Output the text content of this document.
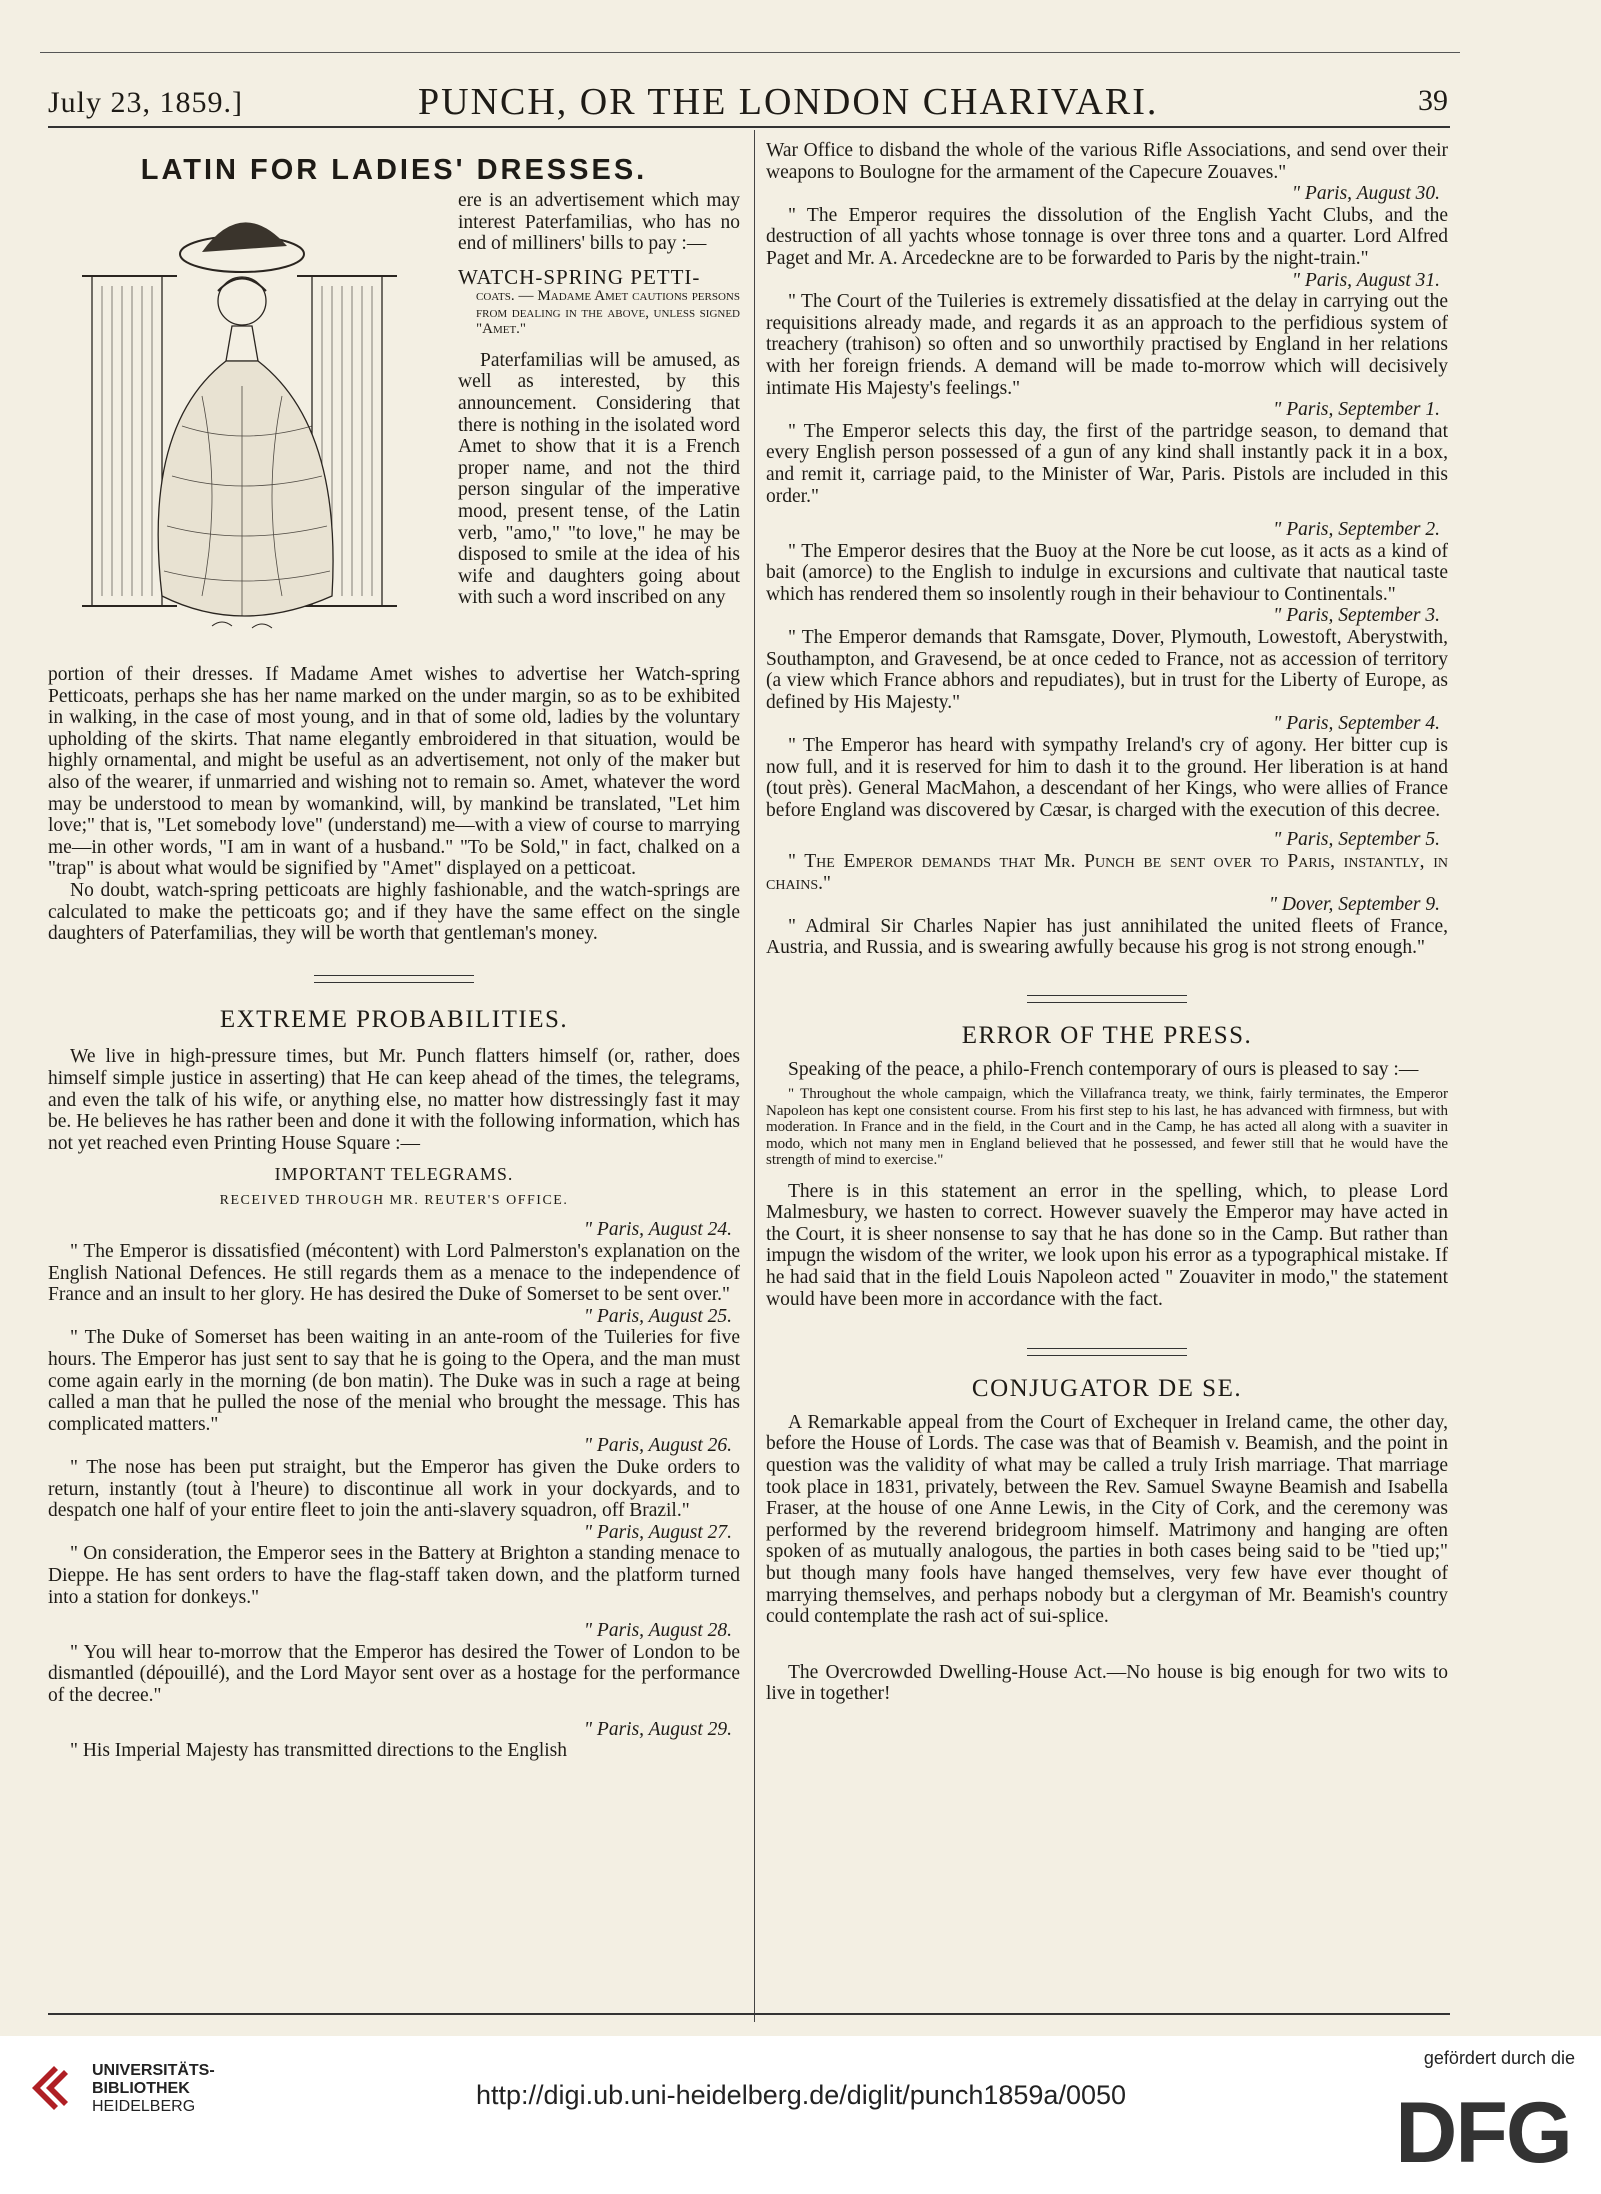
July 23, 1859.]	PUNCH, OR THE LONDON CHARIVARI.	39
LATIN FOR LADIES' DRESSES.

ere is an advertisement which may interest Paterfamilias, who has no end of milliners' bills to pay :—

WATCH-SPRING PETTI-

coats. — Madame Amet cautions persons from dealing in the above, unless signed "Amet."

Paterfamilias will be amused, as well as interested, by this announcement. Considering that there is nothing in the isolated word Amet to show that it is a French proper name, and not the third person singular of the imperative mood, present tense, of the Latin verb, "amo," "to love," he may be disposed to smile at the idea of his wife and daughters going about with such a word inscribed on any

portion of their dresses. If Madame Amet wishes to advertise her Watch-spring Petticoats, perhaps she has her name marked on the under margin, so as to be exhibited in walking, in the case of most young, and in that of some old, ladies by the voluntary upholding of the skirts. That name elegantly embroidered in that situation, would be highly ornamental, and might be useful as an advertisement, not only of the maker but also of the wearer, if unmarried and wishing not to remain so. Amet, whatever the word may be understood to mean by womankind, will, by mankind be translated, "Let him love;" that is, "Let somebody love" (understand) me—with a view of course to marrying me—in other words, "I am in want of a husband." "To be Sold," in fact, chalked on a "trap" is about what would be signified by "Amet" displayed on a petticoat.

No doubt, watch-spring petticoats are highly fashionable, and the watch-springs are calculated to make the petticoats go; and if they have the same effect on the single daughters of Paterfamilias, they will be worth that gentleman's money.

EXTREME PROBABILITIES.

We live in high-pressure times, but Mr. Punch flatters himself (or, rather, does himself simple justice in asserting) that He can keep ahead of the times, the telegrams, and even the talk of his wife, or anything else, no matter how distressingly fast it may be. He believes he has rather been and done it with the following information, which has not yet reached even Printing House Square :—

IMPORTANT TELEGRAMS.
RECEIVED THROUGH MR. REUTER'S OFFICE.

" Paris, August 24.

" The Emperor is dissatisfied (mécontent) with Lord Palmerston's explanation on the English National Defences. He still regards them as a menace to the independence of France and an insult to her glory. He has desired the Duke of Somerset to be sent over."

" Paris, August 25.

" The Duke of Somerset has been waiting in an ante-room of the Tuileries for five hours. The Emperor has just sent to say that he is going to the Opera, and the man must come again early in the morning (de bon matin). The Duke was in such a rage at being called a man that he pulled the nose of the menial who brought the message. This has complicated matters."

" Paris, August 26.

" The nose has been put straight, but the Emperor has given the Duke orders to return, instantly (tout à l'heure) to discontinue all work in your dockyards, and to despatch one half of your entire fleet to join the anti-slavery squadron, off Brazil."

" Paris, August 27.

" On consideration, the Emperor sees in the Battery at Brighton a standing menace to Dieppe. He has sent orders to have the flag-staff taken down, and the platform turned into a station for donkeys."

" Paris, August 28.

" You will hear to-morrow that the Emperor has desired the Tower of London to be dismantled (dépouillé), and the Lord Mayor sent over as a hostage for the performance of the decree."

" Paris, August 29.

" His Imperial Majesty has transmitted directions to the English

War Office to disband the whole of the various Rifle Associations, and send over their weapons to Boulogne for the armament of the Capecure Zouaves."

" Paris, August 30.

" The Emperor requires the dissolution of the English Yacht Clubs, and the destruction of all yachts whose tonnage is over three tons and a quarter. Lord Alfred Paget and Mr. A. Arcedeckne are to be forwarded to Paris by the night-train."

" Paris, August 31.

" The Court of the Tuileries is extremely dissatisfied at the delay in carrying out the requisitions already made, and regards it as an approach to the perfidious system of treachery (trahison) so often and so unworthily practised by England in her relations with her foreign friends. A demand will be made to-morrow which will decisively intimate His Majesty's feelings."

" Paris, September 1.

" The Emperor selects this day, the first of the partridge season, to demand that every English person possessed of a gun of any kind shall instantly pack it in a box, and remit it, carriage paid, to the Minister of War, Paris. Pistols are included in this order."

" Paris, September 2.

" The Emperor desires that the Buoy at the Nore be cut loose, as it acts as a kind of bait (amorce) to the English to indulge in excursions and cultivate that nautical taste which has rendered them so insolently rough in their behaviour to Continentals."

" Paris, September 3.

" The Emperor demands that Ramsgate, Dover, Plymouth, Lowestoft, Aberystwith, Southampton, and Gravesend, be at once ceded to France, not as accession of territory (a view which France abhors and repudiates), but in trust for the Liberty of Europe, as defined by His Majesty."

" Paris, September 4.

" The Emperor has heard with sympathy Ireland's cry of agony. Her bitter cup is now full, and it is reserved for him to dash it to the ground. Her liberation is at hand (tout près). General MacMahon, a descendant of her Kings, who were allies of France before England was discovered by Cæsar, is charged with the execution of this decree.

" Paris, September 5.

" The Emperor demands that Mr. Punch be sent over to Paris, instantly, in chains."

" Dover, September 9.

" Admiral Sir Charles Napier has just annihilated the united fleets of France, Austria, and Russia, and is swearing awfully because his grog is not strong enough."

ERROR OF THE PRESS.

Speaking of the peace, a philo-French contemporary of ours is pleased to say :—

" Throughout the whole campaign, which the Villafranca treaty, we think, fairly terminates, the Emperor Napoleon has kept one consistent course. From his first step to his last, he has advanced with firmness, but with moderation. In France and in the field, in the Court and in the Camp, he has acted all along with a suaviter in modo, which not many men in England believed that he possessed, and fewer still that he would have the strength of mind to exercise."

There is in this statement an error in the spelling, which, to please Lord Malmesbury, we hasten to correct. However suavely the Emperor may have acted in the Court, it is sheer nonsense to say that he has done so in the Camp. But rather than impugn the wisdom of the writer, we look upon his error as a typographical mistake. If he had said that in the field Louis Napoleon acted " Zouaviter in modo," the statement would have been more in accordance with the fact.

CONJUGATOR DE SE.

A Remarkable appeal from the Court of Exchequer in Ireland came, the other day, before the House of Lords. The case was that of Beamish v. Beamish, and the point in question was the validity of what may be called a truly Irish marriage. That marriage took place in 1831, privately, between the Rev. Samuel Swayne Beamish and Isabella Fraser, at the house of one Anne Lewis, in the City of Cork, and the ceremony was performed by the reverend bridegroom himself. Matrimony and hanging are often spoken of as mutually analogous, the parties in both cases being said to be "tied up;" but though many fools have hanged themselves, very few have ever thought of marrying themselves, and perhaps nobody but a clergyman of Mr. Beamish's country could contemplate the rash act of sui-splice.

The Overcrowded Dwelling-House Act.—No house is big enough for two wits to live in together!

UNIVERSITÄTS-
BIBLIOTHEK
HEIDELBERG	http://digi.ub.uni-heidelberg.de/diglit/punch1859a/0050
gefördert durch die
DFG
